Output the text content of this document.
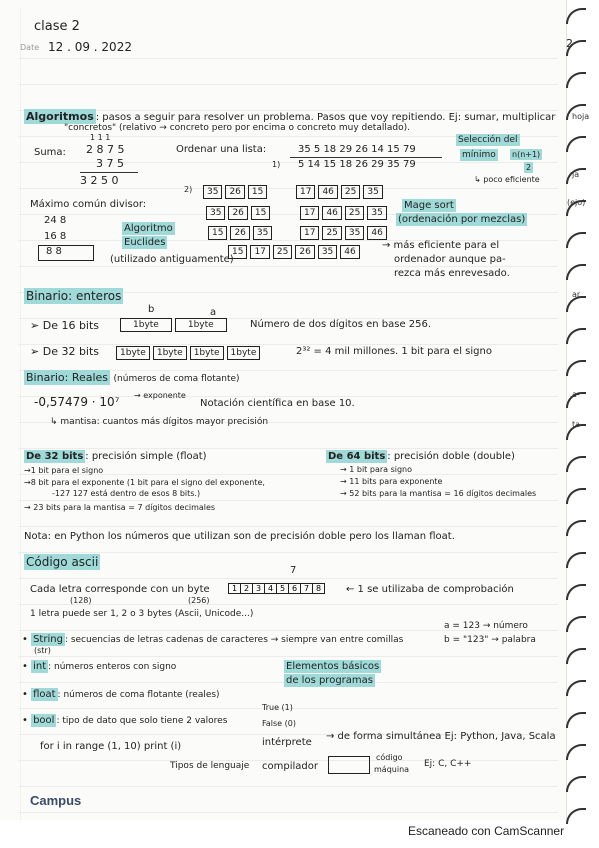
clase 2
Date 12 . 09 . 2022
Algoritmos : pasos a seguir para resolver un problema. Pasos que voy repitiendo. Ej: sumar, multiplicar
"concretos" (relativo → concreto pero por encima o concreto muy detallado).
Suma:
1 1 1
2 8 7 5
3 7 5
3 2 5 0
Ordenar una lista:	35 5 18 29 26 14 15 79
1) 5 14 15 18 26 29 35 79
Selección del
mínimo n(n+1)
2
↳ poco eficiente
Máximo común divisor:
24 8
16 8
8 8
Algoritmo
Euclides
(utilizado antiguamente)
2)	35	26	15	17	46	25	35
35	26	15	17	46	25	35
15	26	35	17	25	35	46
15	17	25	26	35	46
Mage sort
(ordenación por mezclas)
→ más eficiente para el
ordenador aunque pa-
rezca más enrevesado.
Binario: enteros
b	a
➢ De 16 bits	1byte	1byte	Número de dos dígitos en base 256.
➢ De 32 bits	1byte	1byte	1byte	1byte	2³² = 4 mil millones. 1 bit para el signo
Binario: Reales (números de coma flotante)
-0,57479 · 10⁷ → exponente
Notación científica en base 10.
↳ mantisa: cuantos más dígitos mayor precisión
De 32 bits : precisión simple (float)
→1 bit para el signo
→8 bit para el exponente (1 bit para el signo del exponente,
-127 127 está dentro de esos 8 bits.)
→ 23 bits para la mantisa = 7 dígitos decimales
De 64 bits : precisión doble (double)
→ 1 bit para signo
→ 11 bits para exponente
→ 52 bits para la mantisa = 16 dígitos decimales
Nota: en Python los números que utilizan son de precisión doble pero los llaman float.
Código ascii
7
Cada letra corresponde con un byte
(128)	(256)
1 2 3 4 5 6 7 8 ← 1 se utilizaba de comprobación
1 letra puede ser 1, 2 o 3 bytes (Ascii, Unicode...)
a = 123 → número
• String : secuencias de letras cadenas de caracteres → siempre van entre comillas	b = "123" → palabra
(str)
• int : números enteros con signo	Elementos básicos
de los programas
• float : números de coma flotante (reales)
True (1)
• bool : tipo de dato que solo tiene 2 valores	False (0)
for i in range (1, 10) print (i)	intérprete
→ de forma simultánea Ej: Python, Java, Scala
Tipos de lenguaje compilador
código
máquina
Ej: C, C++
Campus
2
hoja
ja
(ejo)
ar.
a-
ta
Escaneado con CamScanner
